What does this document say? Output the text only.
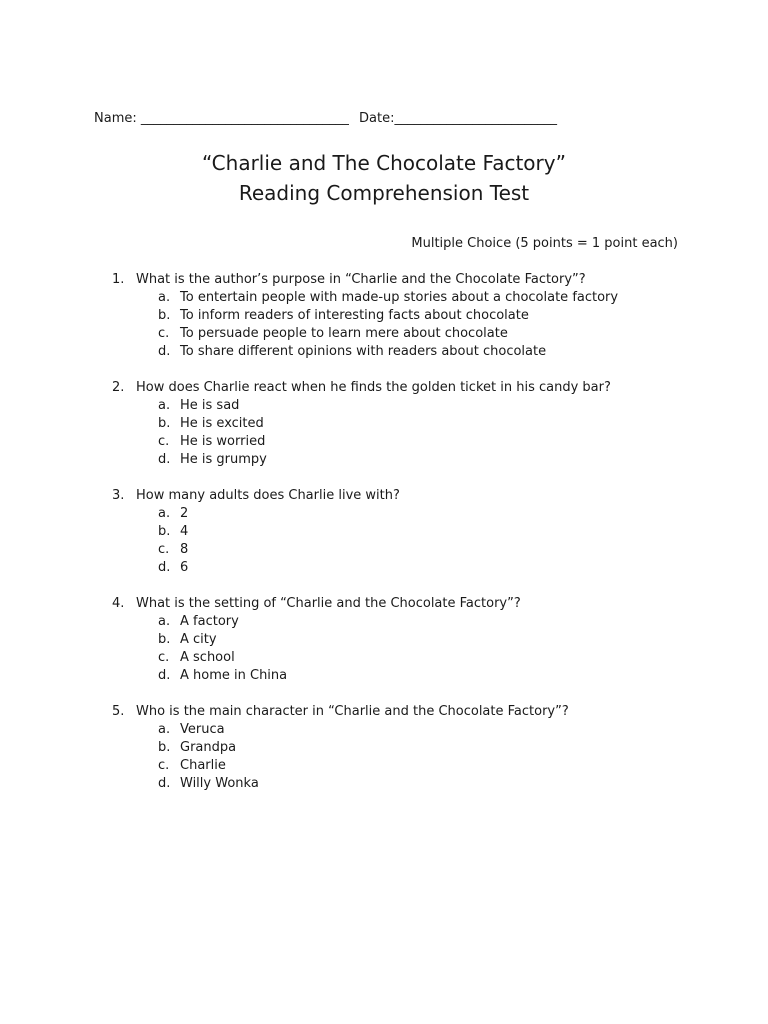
Name: ________________________________ Date:_________________________
“Charlie and The Chocolate Factory”
Reading Comprehension Test
Multiple Choice (5 points = 1 point each)
1. What is the author’s purpose in “Charlie and the Chocolate Factory”?
a. To entertain people with made-up stories about a chocolate factory
b. To inform readers of interesting facts about chocolate
c. To persuade people to learn mere about chocolate
d. To share different opinions with readers about chocolate
2. How does Charlie react when he finds the golden ticket in his candy bar?
a. He is sad
b. He is excited
c. He is worried
d. He is grumpy
3. How many adults does Charlie live with?
a. 2
b. 4
c. 8
d. 6
4. What is the setting of “Charlie and the Chocolate Factory”?
a. A factory
b. A city
c. A school
d. A home in China
5. Who is the main character in “Charlie and the Chocolate Factory”?
a. Veruca
b. Grandpa
c. Charlie
d. Willy Wonka
